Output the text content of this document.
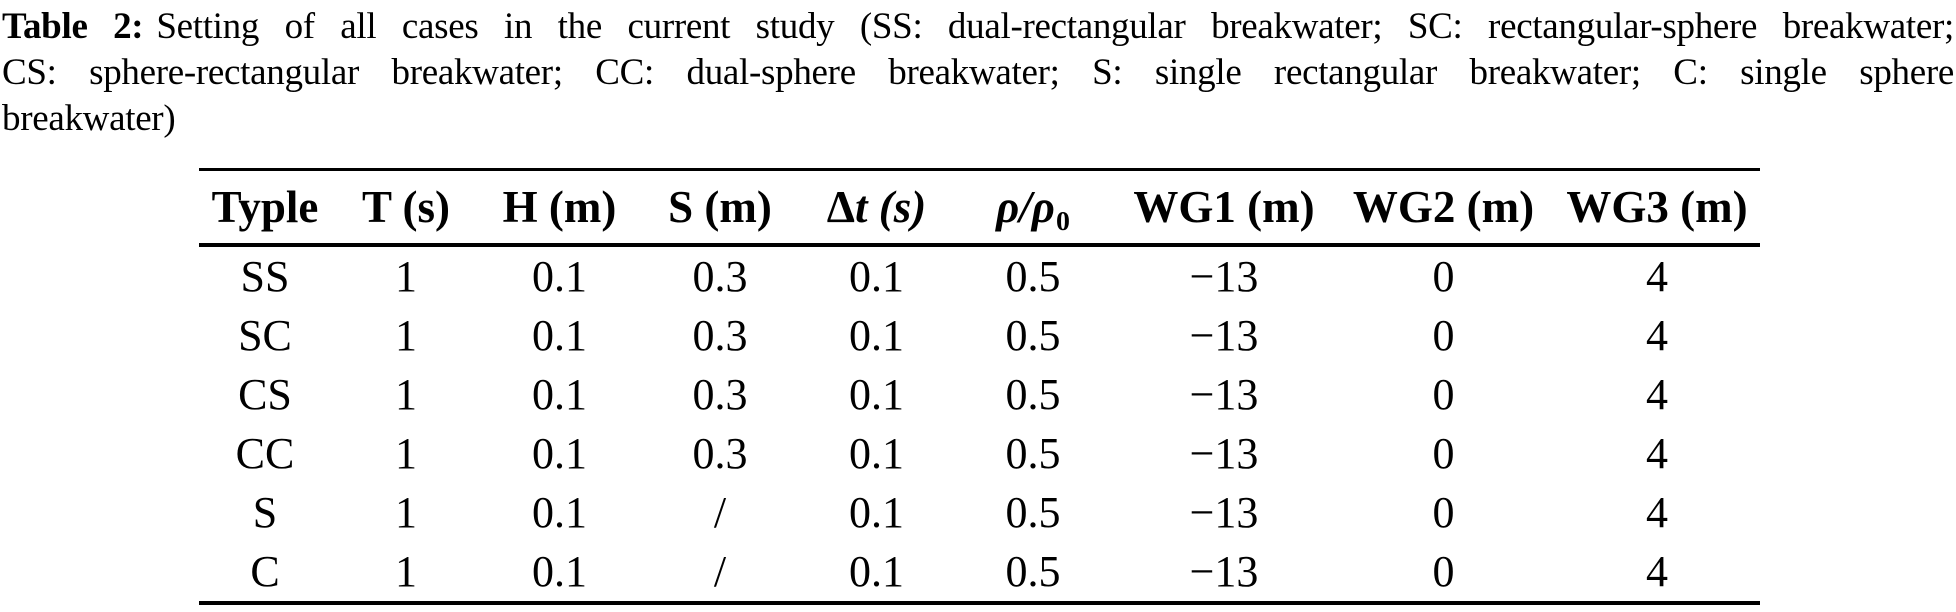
Table 2: Setting of all cases in the current study (SS: dual-rectangular breakwater; SC: rectangular-sphere breakwater;
CS: sphere-rectangular breakwater; CC: dual-sphere breakwater; S: single rectangular breakwater; C: single sphere
breakwater)
Typle	T (s)	H (m)	S (m)	Δt (s)	ρ/ρ0	WG1 (m)	WG2 (m)	WG3 (m)
SS	1	0.1	0.3	0.1	0.5	−13	0	4
SC	1	0.1	0.3	0.1	0.5	−13	0	4
CS	1	0.1	0.3	0.1	0.5	−13	0	4
CC	1	0.1	0.3	0.1	0.5	−13	0	4
S	1	0.1	/	0.1	0.5	−13	0	4
C	1	0.1	/	0.1	0.5	−13	0	4
